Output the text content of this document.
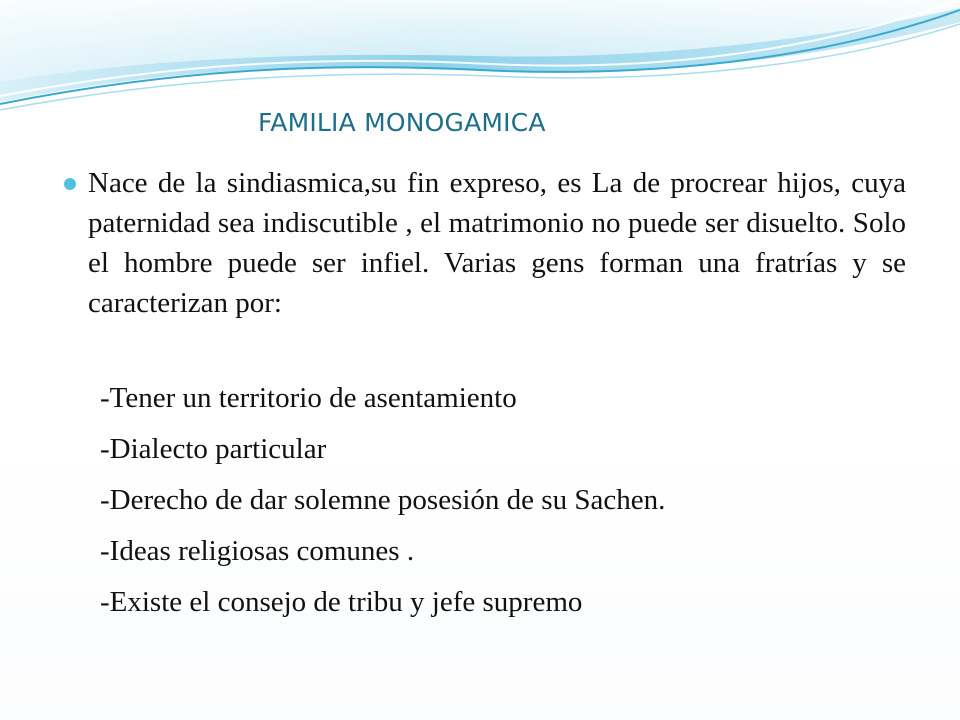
FAMILIA MONOGAMICA

Nace de la sindiasmica,su fin expreso, es La de procrear hijos, cuya paternidad sea indiscutible , el matrimonio no puede ser disuelto. Solo el hombre puede ser infiel. Varias gens forman una fratrías y se caracterizan por:

-Tener un territorio de asentamiento
-Dialecto particular
-Derecho de dar solemne posesión de su Sachen.
-Ideas religiosas comunes .
-Existe el consejo de tribu y jefe supremo
